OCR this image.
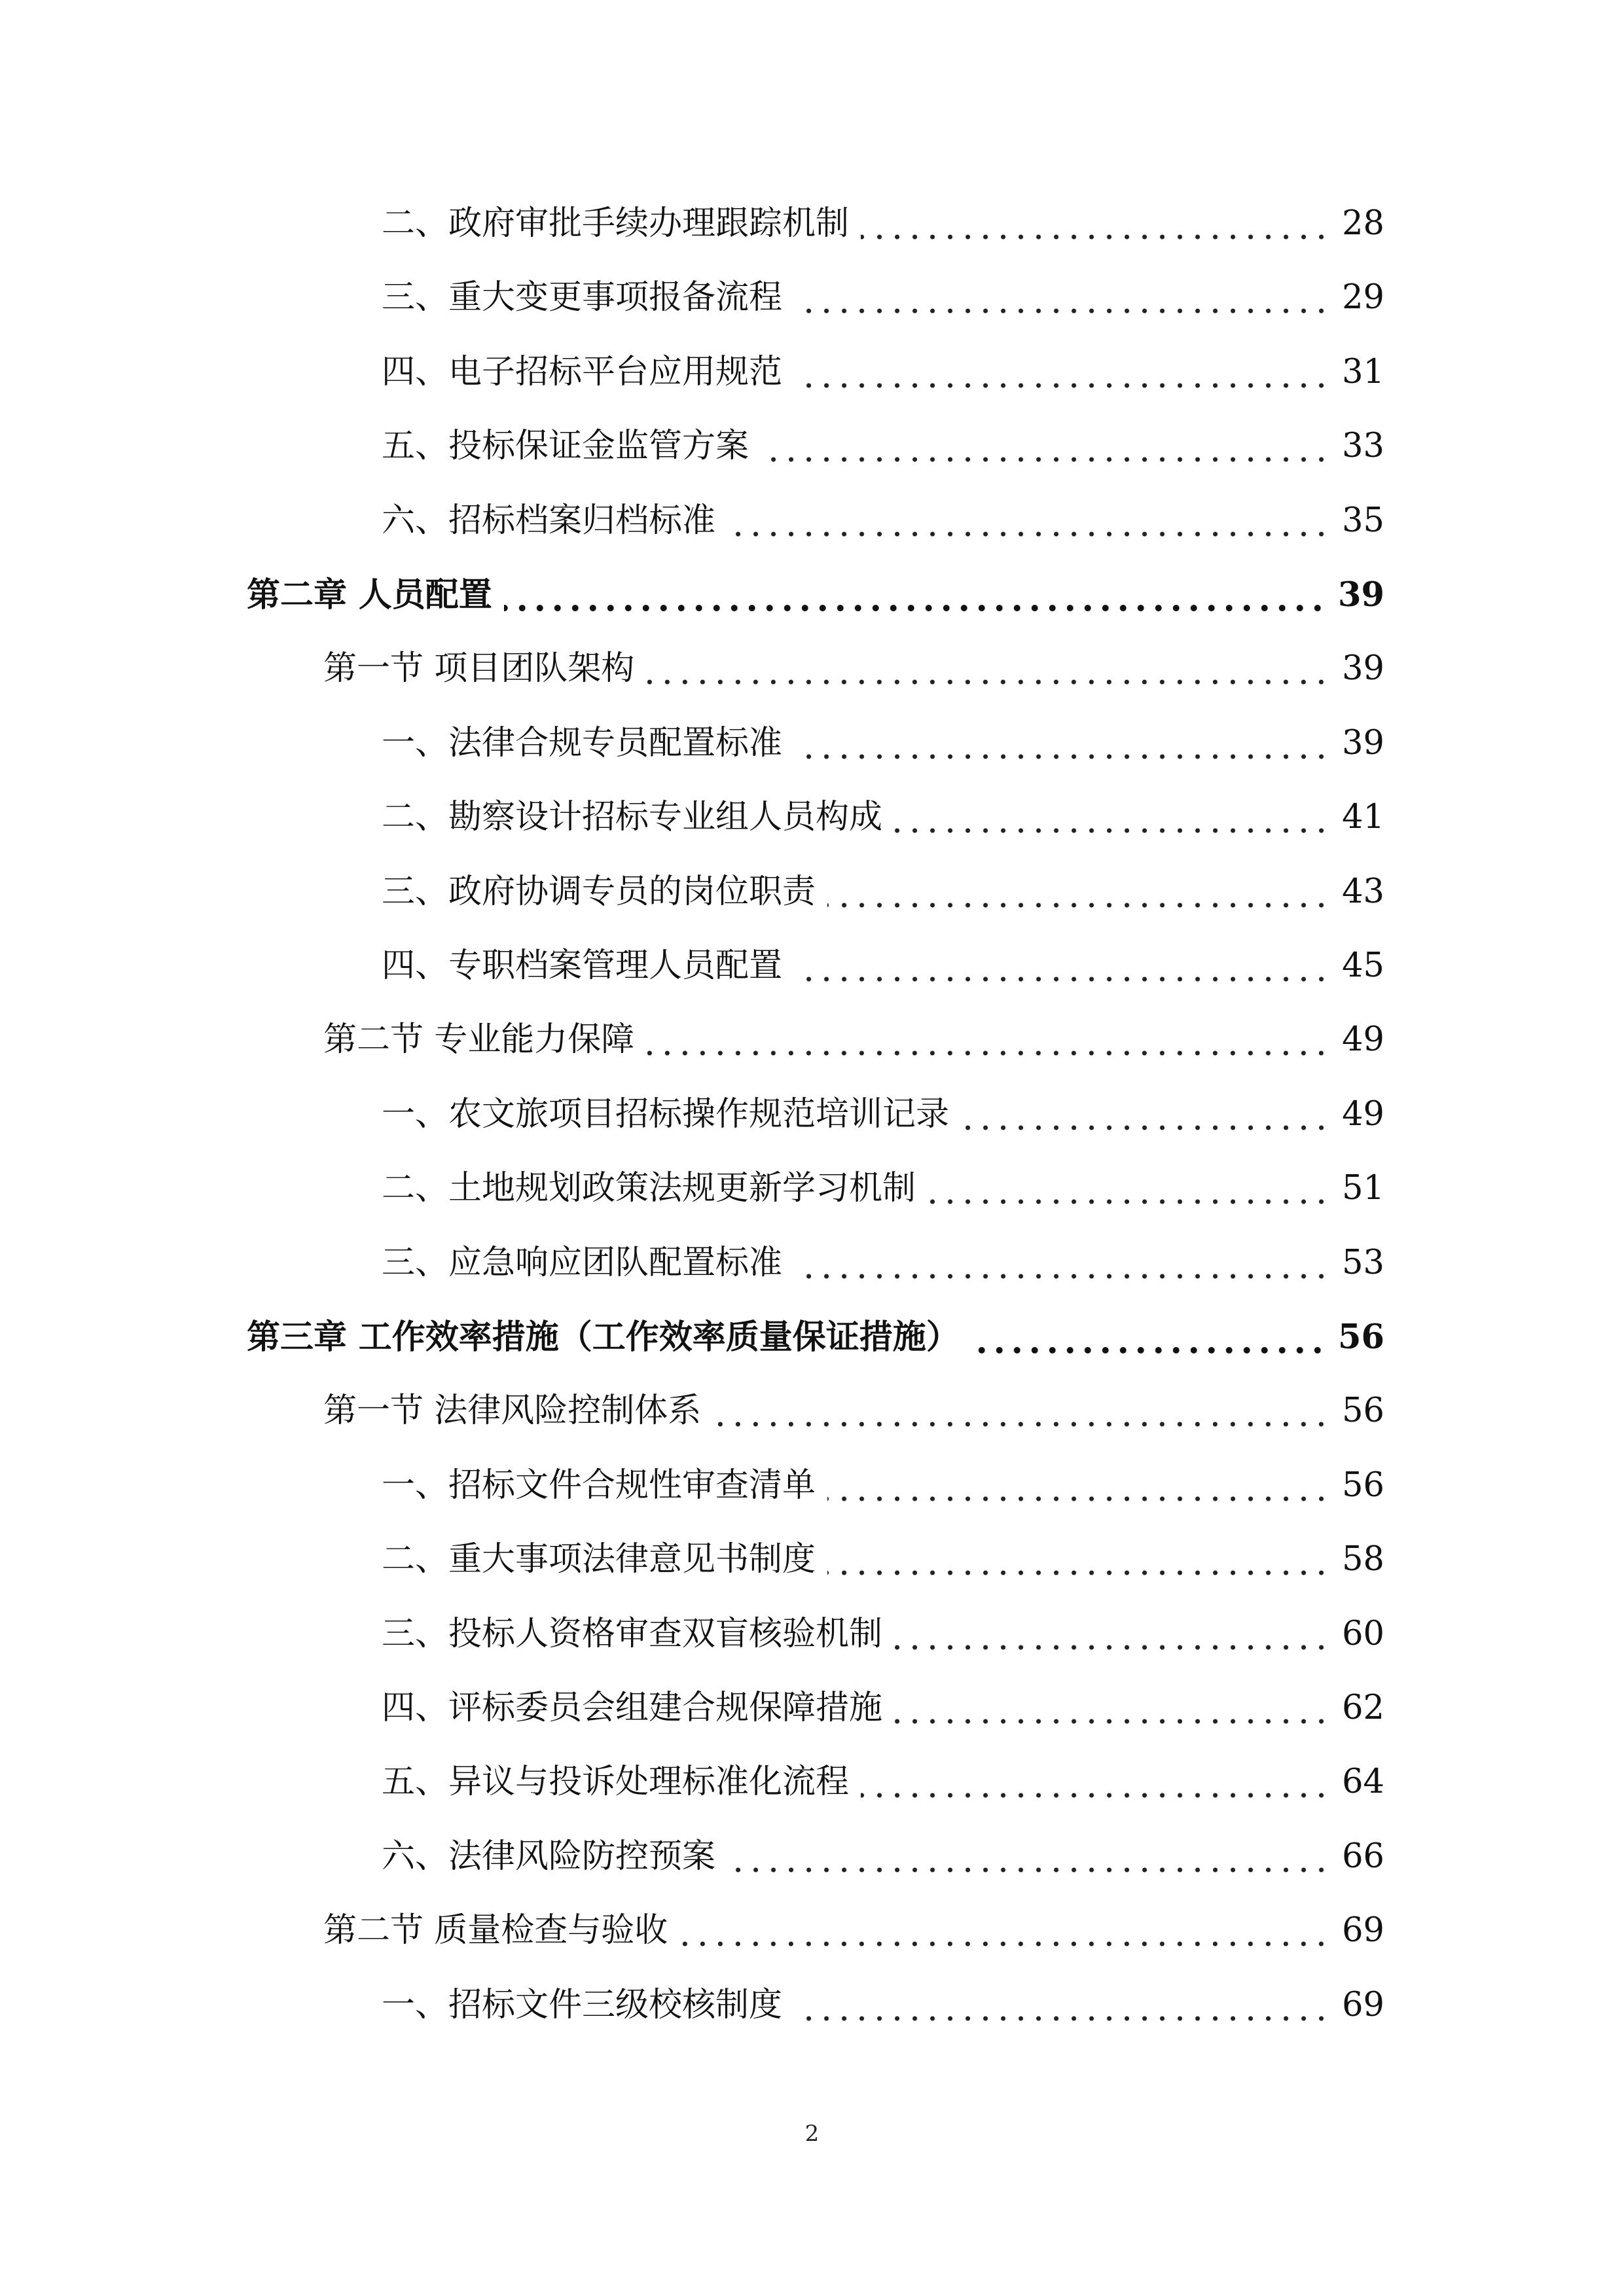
二、政府审批手续办理跟踪机制	28
三、重大变更事项报备流程	29
四、电子招标平台应用规范	31
五、投标保证金监管方案	33
六、招标档案归档标准	35
第二章 人员配置	39
第一节 项目团队架构	39
一、法律合规专员配置标准	39
二、勘察设计招标专业组人员构成	41
三、政府协调专员的岗位职责	43
四、专职档案管理人员配置	45
第二节 专业能力保障	49
一、农文旅项目招标操作规范培训记录	49
二、土地规划政策法规更新学习机制	51
三、应急响应团队配置标准	53
第三章 工作效率措施（工作效率质量保证措施）	56
第一节 法律风险控制体系	56
一、招标文件合规性审查清单	56
二、重大事项法律意见书制度	58
三、投标人资格审查双盲核验机制	60
四、评标委员会组建合规保障措施	62
五、异议与投诉处理标准化流程	64
六、法律风险防控预案	66
第二节 质量检查与验收	69
一、招标文件三级校核制度	69
2
